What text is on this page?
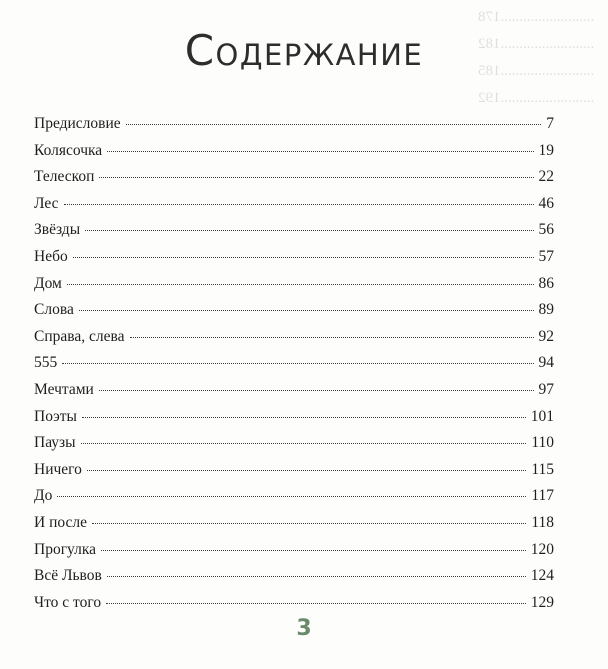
.........................178
.........................182
.........................185
.........................192
Содержание
Предисловие	7
Колясочка	19
Телескоп	22
Лес	46
Звёзды	56
Небо	57
Дом	86
Слова	89
Справа, слева	92
555	94
Мечтами	97
Поэты	101
Паузы	110
Ничего	115
До	117
И после	118
Прогулка	120
Всё Львов	124
Что с того	129
3
